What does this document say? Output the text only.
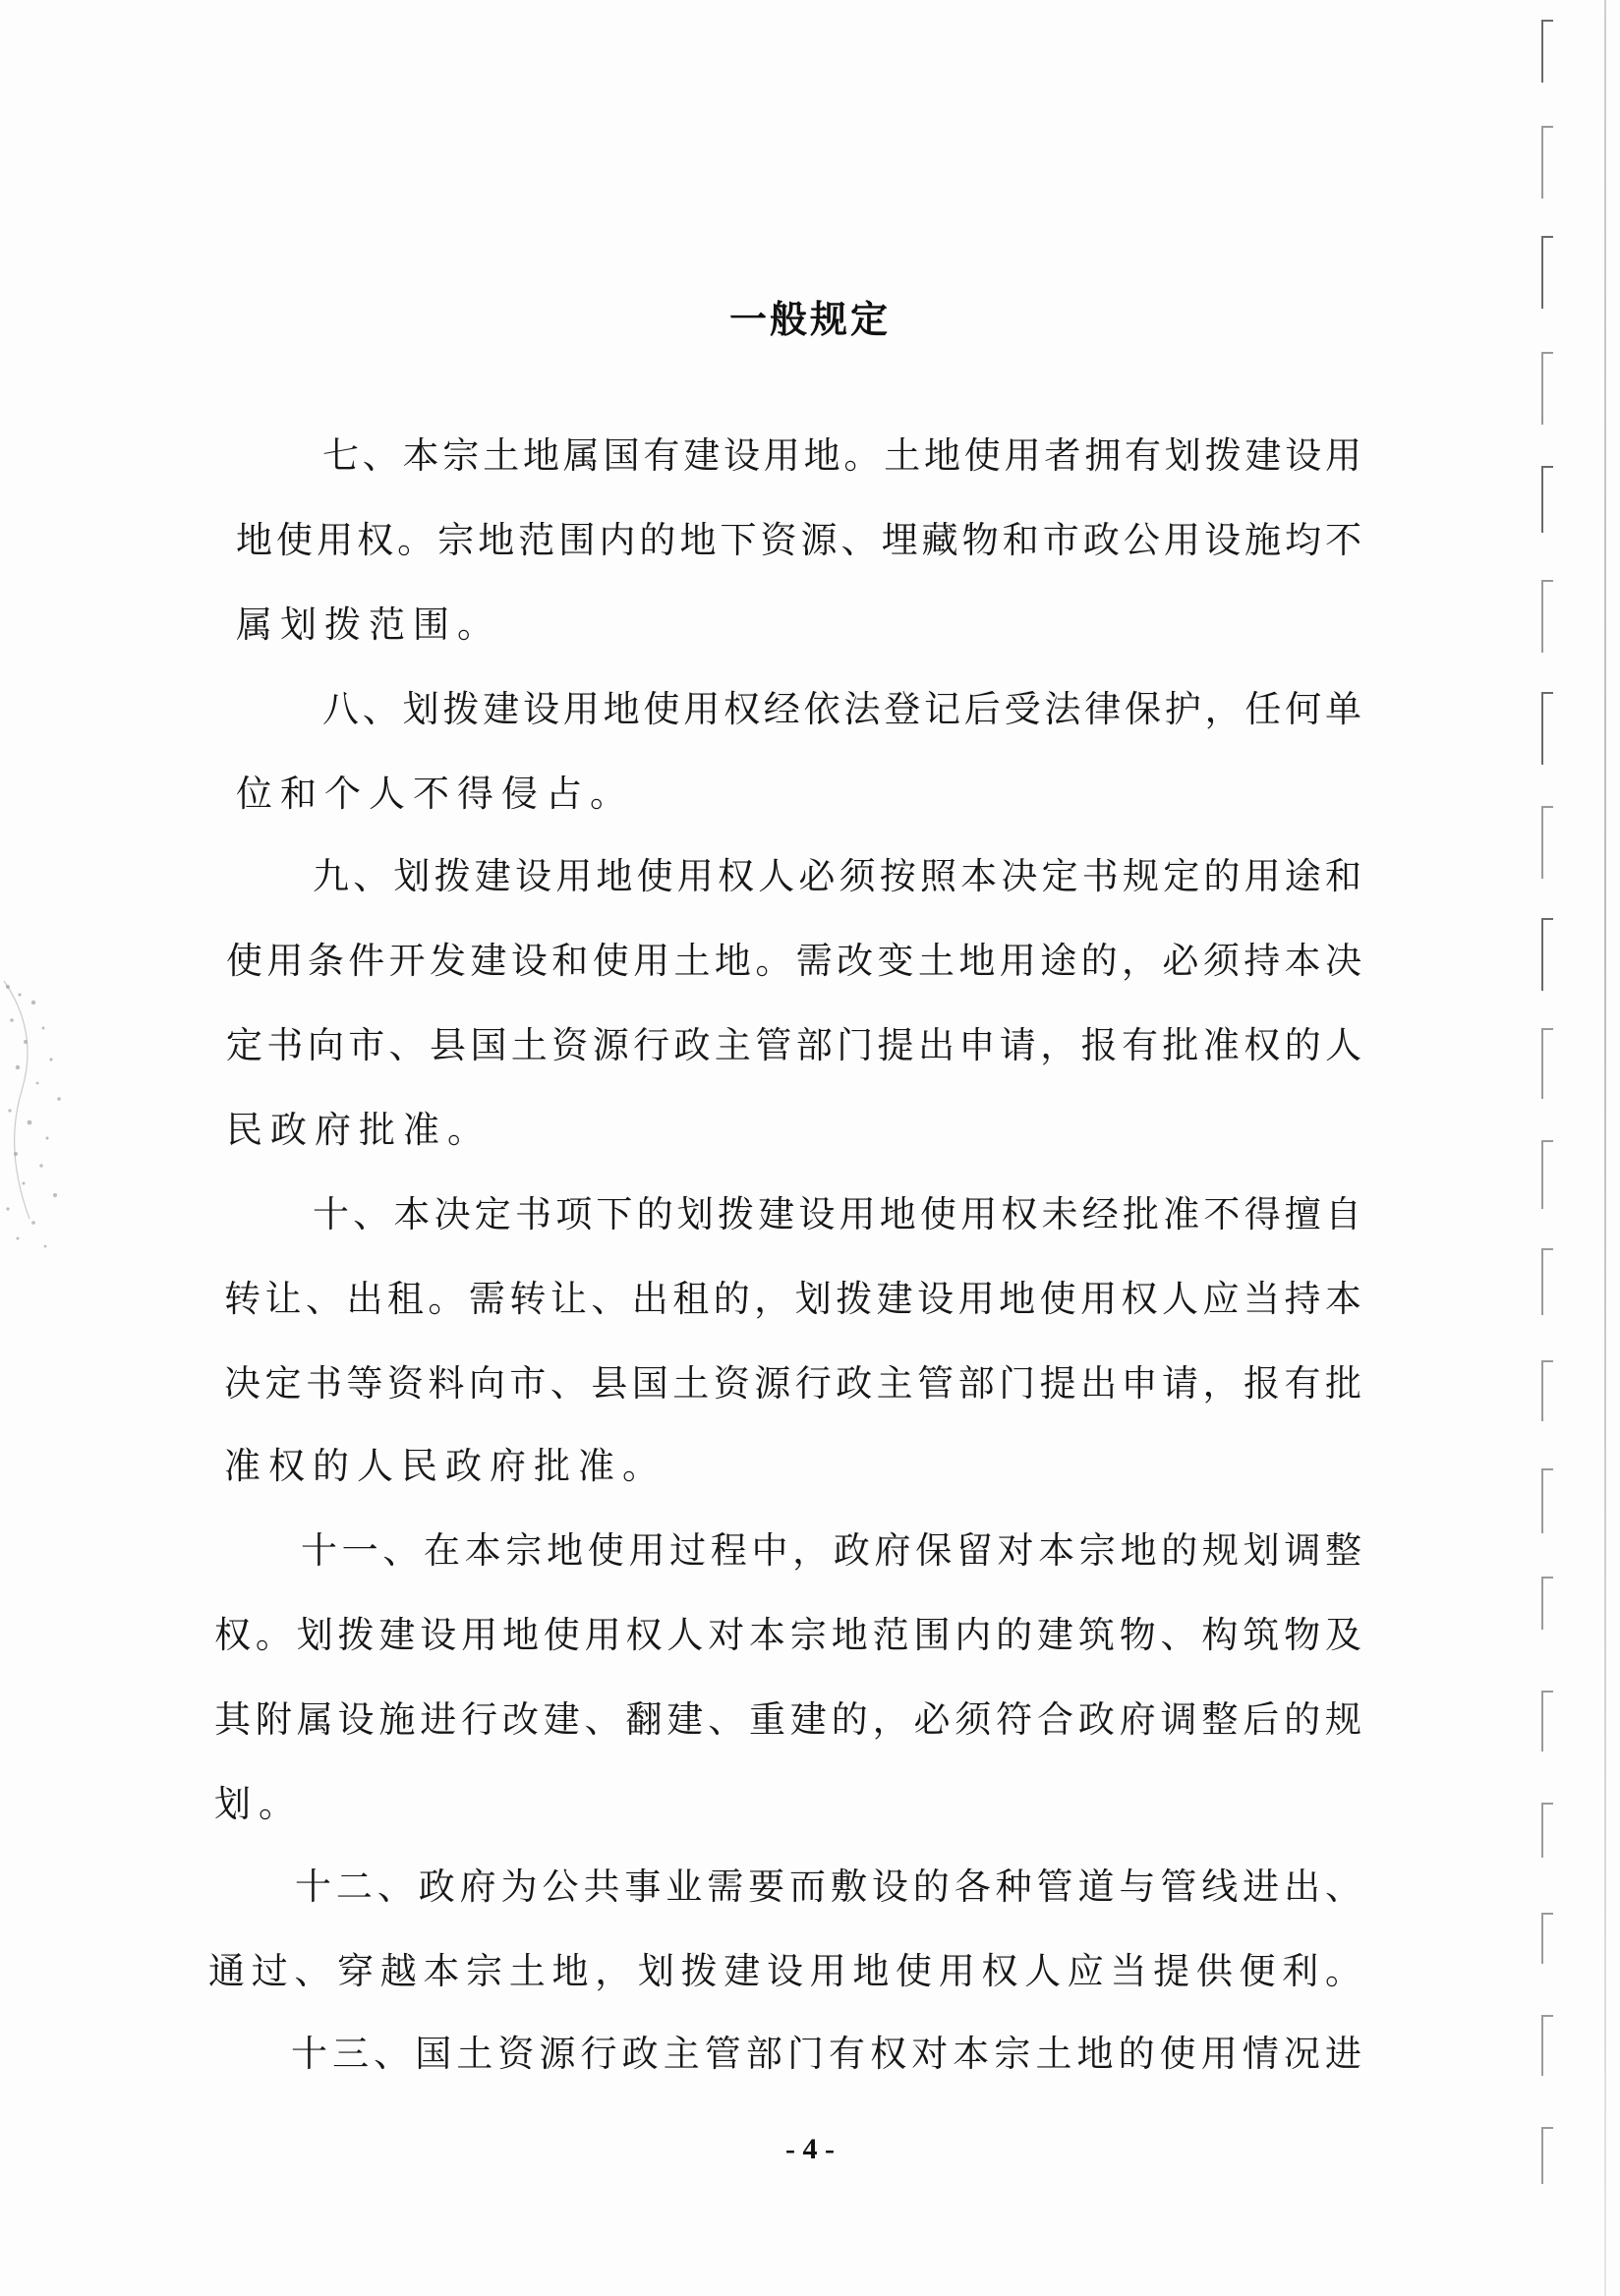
一般规定
七、本宗土地属国有建设用地。土地使用者拥有划拨建设用
地使用权。宗地范围内的地下资源、埋藏物和市政公用设施均不
属划拨范围。
八、划拨建设用地使用权经依法登记后受法律保护，任何单
位和个人不得侵占。
九、划拨建设用地使用权人必须按照本决定书规定的用途和
使用条件开发建设和使用土地。需改变土地用途的，必须持本决
定书向市、县国土资源行政主管部门提出申请，报有批准权的人
民政府批准。
十、本决定书项下的划拨建设用地使用权未经批准不得擅自
转让、出租。需转让、出租的，划拨建设用地使用权人应当持本
决定书等资料向市、县国土资源行政主管部门提出申请，报有批
准权的人民政府批准。
十一、在本宗地使用过程中，政府保留对本宗地的规划调整
权。划拨建设用地使用权人对本宗地范围内的建筑物、构筑物及
其附属设施进行改建、翻建、重建的，必须符合政府调整后的规
划。
十二、政府为公共事业需要而敷设的各种管道与管线进出、
通过、穿越本宗土地，划拨建设用地使用权人应当提供便利。
十三、国土资源行政主管部门有权对本宗土地的使用情况进
- 4 -
